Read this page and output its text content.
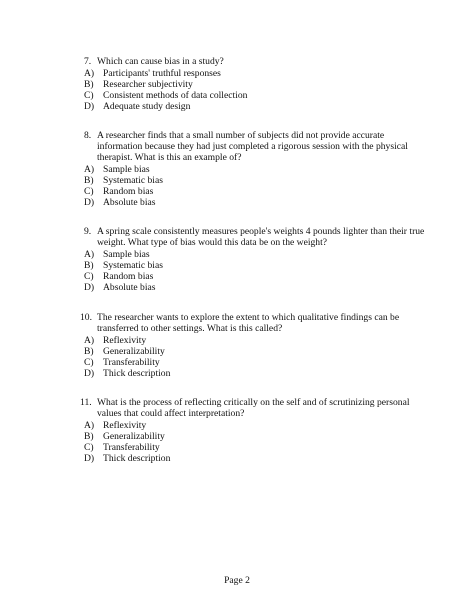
7. Which can cause bias in a study?
A) Participants' truthful responses
B) Researcher subjectivity
C) Consistent methods of data collection
D) Adequate study design
8. A researcher finds that a small number of subjects did not provide accurate information because they had just completed a rigorous session with the physical therapist. What is this an example of?
A) Sample bias
B) Systematic bias
C) Random bias
D) Absolute bias
9. A spring scale consistently measures people's weights 4 pounds lighter than their true weight. What type of bias would this data be on the weight?
A) Sample bias
B) Systematic bias
C) Random bias
D) Absolute bias
10. The researcher wants to explore the extent to which qualitative findings can be transferred to other settings. What is this called?
A) Reflexivity
B) Generalizability
C) Transferability
D) Thick description
11. What is the process of reflecting critically on the self and of scrutinizing personal values that could affect interpretation?
A) Reflexivity
B) Generalizability
C) Transferability
D) Thick description
Page 2
